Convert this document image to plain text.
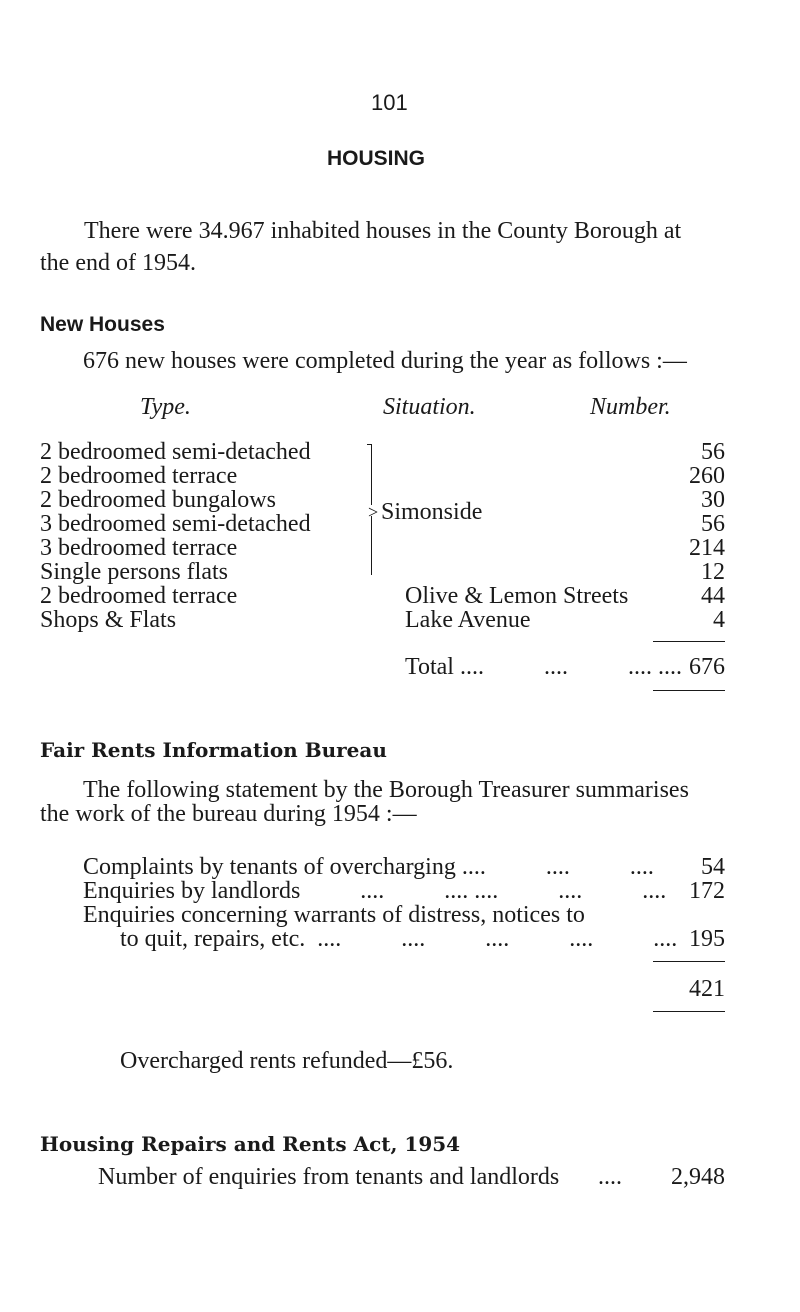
101
HOUSING
There were 34.967 inhabited houses in the County Borough at
the end of 1954.
New Houses
676 new houses were completed during the year as follows :—
Type.	Situation.	Number.
2 bedroomed semi-detached
2 bedroomed terrace
2 bedroomed bungalows
3 bedroomed semi-detached
3 bedroomed terrace
Single persons flats
2 bedroomed terrace
Shops & Flats
> Simonside
Olive & Lemon Streets
Lake Avenue
56
260
30
56
214
12
44
4
Total ....          ....          .... .... 676
Fair Rents Information Bureau
The following statement by the Borough Treasurer summarises
the work of the bureau during 1954 :—
Complaints by tenants of overcharging ....          ....          .... 54
Enquiries by landlords          ....          .... ....          ....          .... 172
Enquiries concerning warrants of distress, notices to
to quit, repairs, etc.  ....          ....          ....          ....          .... 195
421
Overcharged rents refunded—£56.
Housing Repairs and Rents Act, 1954
Number of enquiries from tenants and landlords .... 2,948
